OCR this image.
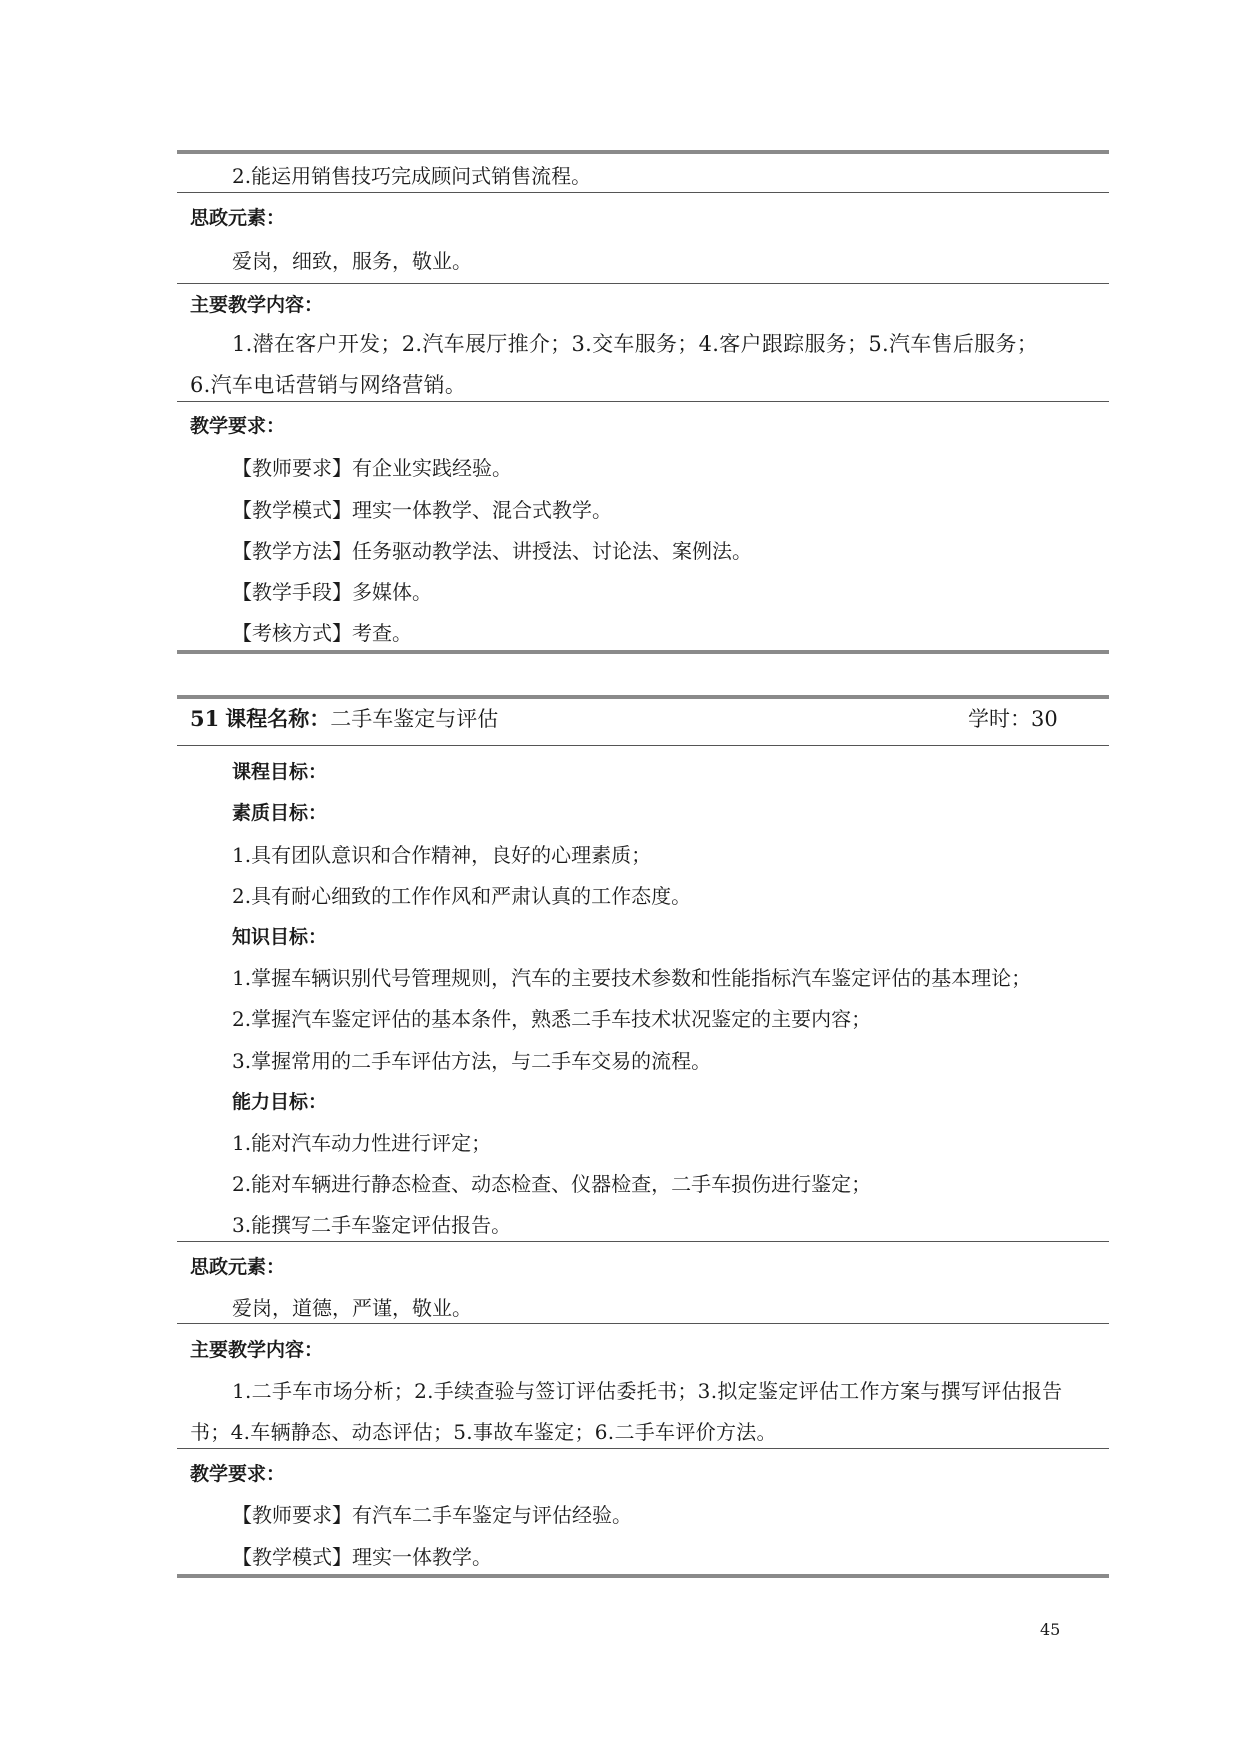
2.能运用销售技巧完成顾问式销售流程。
思政元素：
爱岗，细致，服务，敬业。
主要教学内容：
1.潜在客户开发；2.汽车展厅推介；3.交车服务；4.客户跟踪服务；5.汽车售后服务；
6.汽车电话营销与网络营销。
教学要求：
【教师要求】有企业实践经验。
【教学模式】理实一体教学、混合式教学。
【教学方法】任务驱动教学法、讲授法、讨论法、案例法。
【教学手段】多媒体。
【考核方式】考查。
51 课程名称：二手车鉴定与评估	学时：30
课程目标：
素质目标：
1.具有团队意识和合作精神，良好的心理素质；
2.具有耐心细致的工作作风和严肃认真的工作态度。
知识目标：
1.掌握车辆识别代号管理规则，汽车的主要技术参数和性能指标汽车鉴定评估的基本理论；
2.掌握汽车鉴定评估的基本条件，熟悉二手车技术状况鉴定的主要内容；
3.掌握常用的二手车评估方法，与二手车交易的流程。
能力目标：
1.能对汽车动力性进行评定；
2.能对车辆进行静态检查、动态检查、仪器检查，二手车损伤进行鉴定；
3.能撰写二手车鉴定评估报告。
思政元素：
爱岗，道德，严谨，敬业。
主要教学内容：
1.二手车市场分析；2.手续查验与签订评估委托书；3.拟定鉴定评估工作方案与撰写评估报告
书；4.车辆静态、动态评估；5.事故车鉴定；6.二手车评价方法。
教学要求：
【教师要求】有汽车二手车鉴定与评估经验。
【教学模式】理实一体教学。
45
